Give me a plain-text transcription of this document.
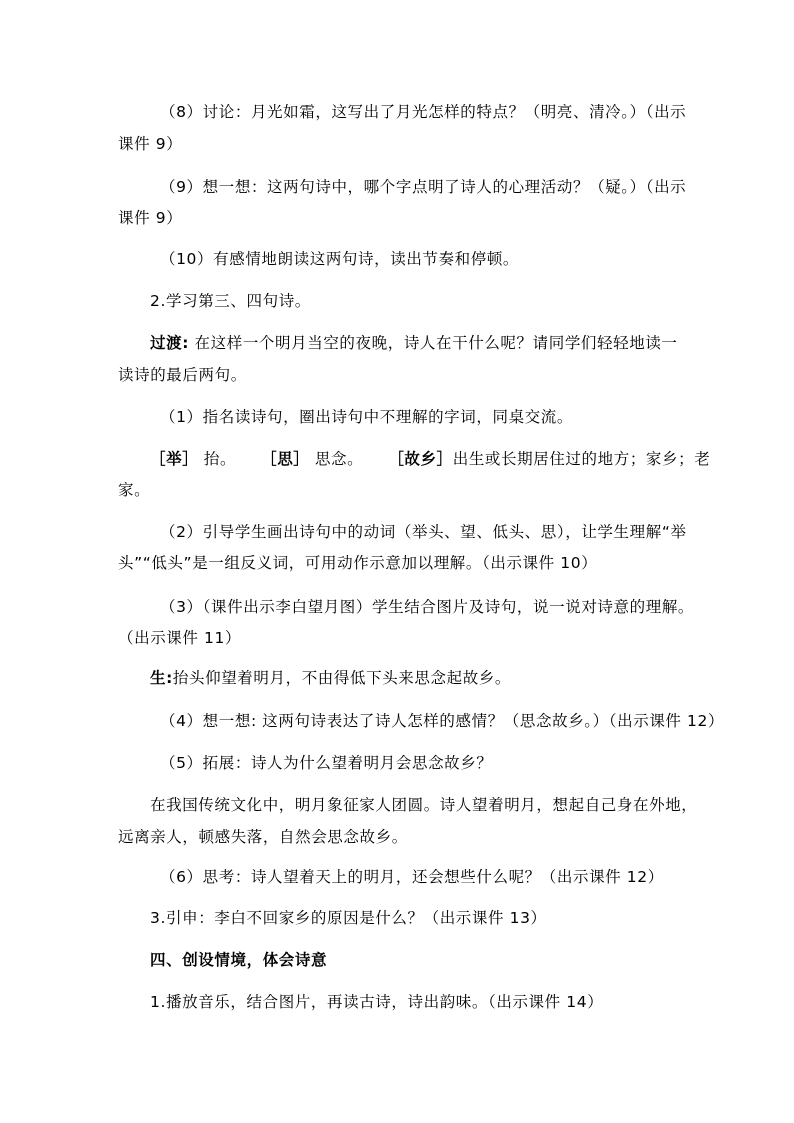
（8）讨论：月光如霜，这写出了月光怎样的特点？（明亮、清冷。）（出示
课件 9）
（9）想一想：这两句诗中，哪个字点明了诗人的心理活动？（疑。）（出示
课件 9）
（10）有感情地朗读这两句诗，读出节奏和停顿。
2.学习第三、四句诗。
过渡: 在这样一个明月当空的夜晚，诗人在干什么呢？请同学们轻轻地读一
读诗的最后两句。
（1）指名读诗句，圈出诗句中不理解的字词，同桌交流。
［举］ 抬。 ［思］ 思念。 ［故乡］出生或长期居住过的地方；家乡；老
家。
（2）引导学生画出诗句中的动词（举头、望、低头、思），让学生理解“举
头”“低头”是一组反义词，可用动作示意加以理解。（出示课件 10）
（3）（课件出示李白望月图）学生结合图片及诗句，说一说对诗意的理解。
（出示课件 11）
生:抬头仰望着明月，不由得低下头来思念起故乡。
（4）想一想: 这两句诗表达了诗人怎样的感情？（思念故乡。）（出示课件 12）
（5）拓展：诗人为什么望着明月会思念故乡？
在我国传统文化中，明月象征家人团圆。诗人望着明月，想起自己身在外地，
远离亲人，顿感失落，自然会思念故乡。
（6）思考：诗人望着天上的明月，还会想些什么呢？（出示课件 12）
3.引申：李白不回家乡的原因是什么？（出示课件 13）
四、创设情境，体会诗意
1.播放音乐，结合图片，再读古诗，诗出韵味。（出示课件 14）
